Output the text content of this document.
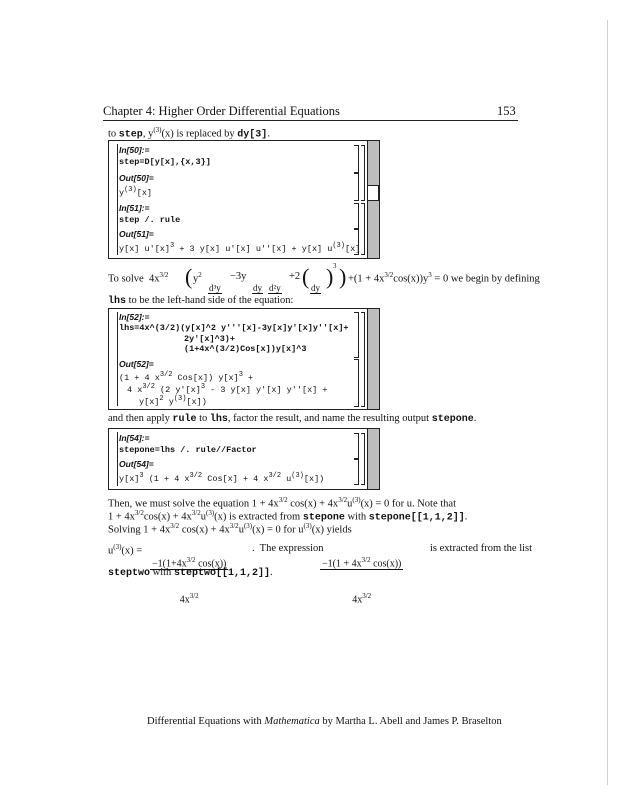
Chapter 4: Higher Order Differential Equations	153
to step, $y^{(3)}(x)$ is replaced by dy[3].
In[50]:=
step=D[y[x],{x,3}]
Out[50]=
$y^{(3)}[x]$
In[51]:=
step /. rule
Out[51]=
y[x] $u'[x]^3 + 3$ y[x] u'[x] u''[x] + y[x] $u^{(3)}[x]$
To solve  $4x^{3/2}$ ( $y^2$

d³y

−3y

dy

d²y

+2 (

dy

) 3 ) $+(1 + 4x^{3/2}\cos(x))y^3 = 0$ we begin by defining
lhs to be the left-hand side of the equation:
In[52]:=
lhs=4x^(3/2)(y[x]^2 y'''[x]-3y[x]y'[x]y''[x]+
2y'[x]^3)+
(1+4x^(3/2)Cos[x])y[x]^3
Out[52]=
(1 + 4 $x^{3/2}$ Cos[x]) $y[x]^3$ +
4 $x^{3/2}$ (2 $y'[x]^3 - 3$ y[x] y'[x] y''[x] +
$y[x]^2$ $y^{(3)}[x]$)
and then apply rule to lhs, factor the result, and name the resulting output stepone.
In[54]:=
stepone=lhs /. rule//Factor
Out[54]=
$y[x]^3$ (1 + 4 $x^{3/2}$ Cos[x] + 4 $x^{3/2}$ $u^{(3)}[x]$)
Then, we must solve the equation $1 + 4x^{3/2}$ $\cos(x) + 4x^{3/2}u^{(3)}(x) = 0$ for u. Note that
$1 + 4x^{3/2}\cos(x) + 4x^{3/2}u^{(3)}(x)$ is extracted from stepone with stepone[[1,1,2]].
Solving $1 + 4x^{3/2}$ $\cos(x) + 4x^{3/2}u^{(3)}(x) = 0$ for $u^{(3)}(x)$ yields
$u^{(3)}(x)$ =

$-1(1+4x^{3/2}$ cos(x))

$4x^{3/2}$

.  The expression

$-1(1 + 4x^{3/2}$ cos(x))

$4x^{3/2}$

is extracted from the list
steptwo with steptwo[[1,1,2]].
Differential Equations with Mathematica by Martha L. Abell and James P. Braselton
